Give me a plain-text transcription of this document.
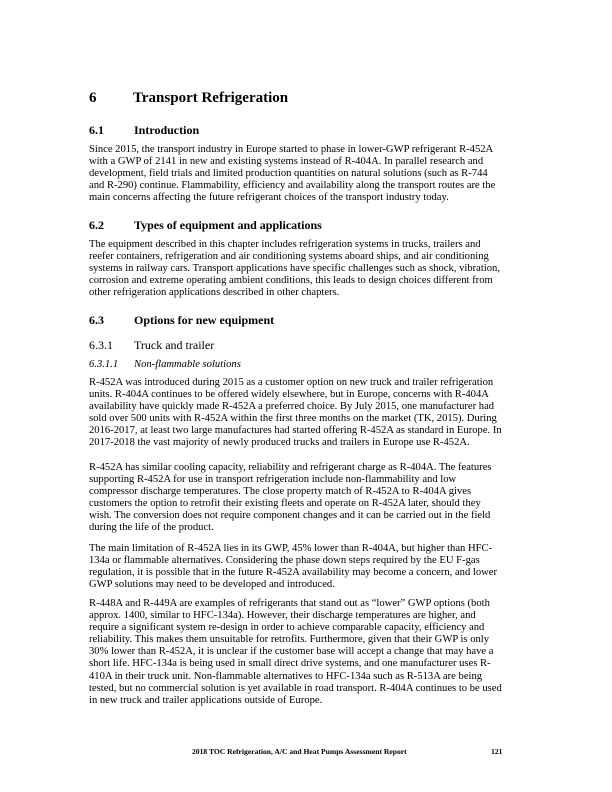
6 Transport Refrigeration
6.1	Introduction
Since 2015, the transport industry in Europe started to phase in lower-GWP refrigerant R-452A
with a GWP of 2141 in new and existing systems instead of R-404A. In parallel research and
development, field trials and limited production quantities on natural solutions (such as R-744
and R-290) continue. Flammability, efficiency and availability along the transport routes are the
main concerns affecting the future refrigerant choices of the transport industry today.
6.2	Types of equipment and applications
The equipment described in this chapter includes refrigeration systems in trucks, trailers and
reefer containers, refrigeration and air conditioning systems aboard ships, and air conditioning
systems in railway cars. Transport applications have specific challenges such as shock, vibration,
corrosion and extreme operating ambient conditions, this leads to design choices different from
other refrigeration applications described in other chapters.
6.3	Options for new equipment
6.3.1 Truck and trailer
6.3.1.1 Non-flammable solutions
R-452A was introduced during 2015 as a customer option on new truck and trailer refrigeration
units. R-404A continues to be offered widely elsewhere, but in Europe, concerns with R-404A
availability have quickly made R-452A a preferred choice. By July 2015, one manufacturer had
sold over 500 units with R-452A within the first three months on the market (TK, 2015). During
2016-2017, at least two large manufactures had started offering R-452A as standard in Europe. In
2017-2018 the vast majority of newly produced trucks and trailers in Europe use R-452A.
R-452A has similar cooling capacity, reliability and refrigerant charge as R-404A. The features
supporting R-452A for use in transport refrigeration include non-flammability and low
compressor discharge temperatures. The close property match of R-452A to R-404A gives
customers the option to retrofit their existing fleets and operate on R-452A later, should they
wish. The conversion does not require component changes and it can be carried out in the field
during the life of the product.
The main limitation of R-452A lies in its GWP, 45% lower than R-404A, but higher than HFC-
134a or flammable alternatives. Considering the phase down steps required by the EU F-gas
regulation, it is possible that in the future R-452A availability may become a concern, and lower
GWP solutions may need to be developed and introduced.
R-448A and R-449A are examples of refrigerants that stand out as “lower” GWP options (both
approx. 1400, similar to HFC-134a). However, their discharge temperatures are higher, and
require a significant system re-design in order to achieve comparable capacity, efficiency and
reliability. This makes them unsuitable for retrofits. Furthermore, given that their GWP is only
30% lower than R-452A, it is unclear if the customer base will accept a change that may have a
short life. HFC-134a is being used in small direct drive systems, and one manufacturer uses R-
410A in their truck unit. Non-flammable alternatives to HFC-134a such as R-513A are being
tested, but no commercial solution is yet available in road transport. R-404A continues to be used
in new truck and trailer applications outside of Europe.
2018 TOC Refrigeration, A/C and Heat Pumps Assessment Report	121
